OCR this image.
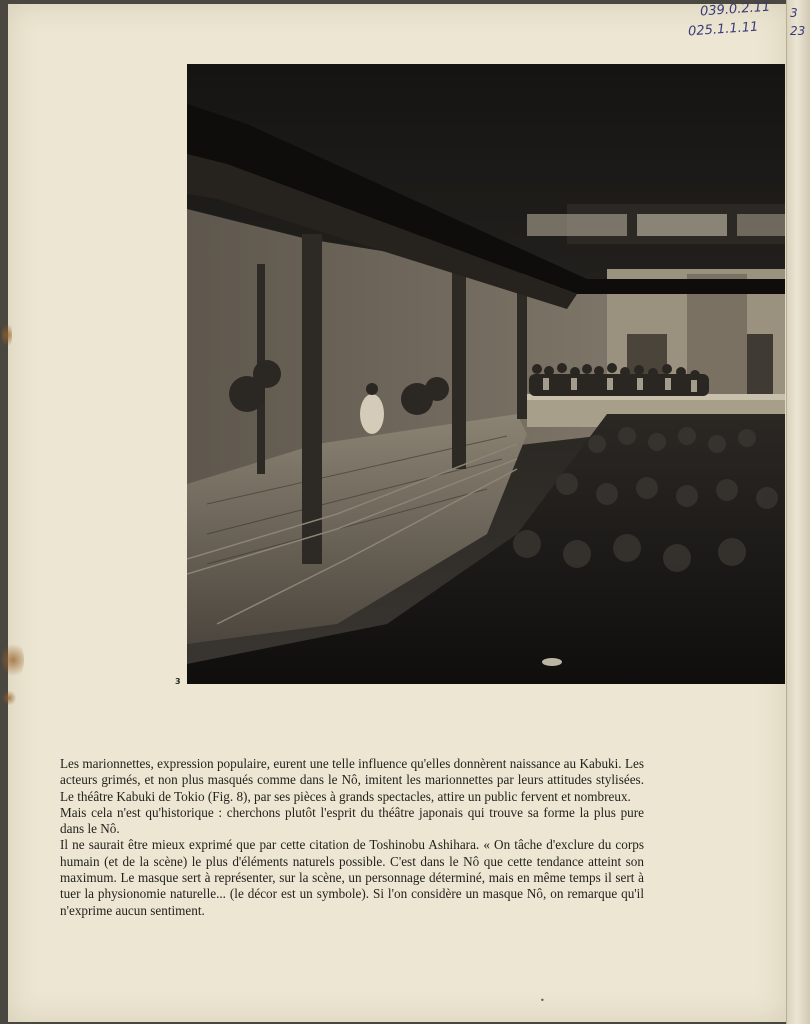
3
23
039.0.2.11
025.1.1.11
3

Les marionnettes, expression populaire, eurent une telle influence qu'elles donnèrent naissance au Kabuki. Les acteurs grimés, et non plus masqués comme dans le Nô, imitent les marionnettes par leurs attitudes stylisées. Le théâtre Kabuki de Tokio (Fig. 8), par ses pièces à grands spectacles, attire un public fervent et nombreux.

Mais cela n'est qu'historique : cherchons plutôt l'esprit du théâtre japonais qui trouve sa forme la plus pure dans le Nô.

Il ne saurait être mieux exprimé que par cette citation de Toshinobu Ashihara. « On tâche d'exclure du corps humain (et de la scène) le plus d'éléments naturels possible. C'est dans le Nô que cette tendance atteint son maximum. Le masque sert à représenter, sur la scène, un personnage déterminé, mais en même temps il sert à tuer la physionomie naturelle... (le décor est un symbole). Si l'on considère un masque Nô, on remarque qu'il n'exprime aucun sentiment.

•
